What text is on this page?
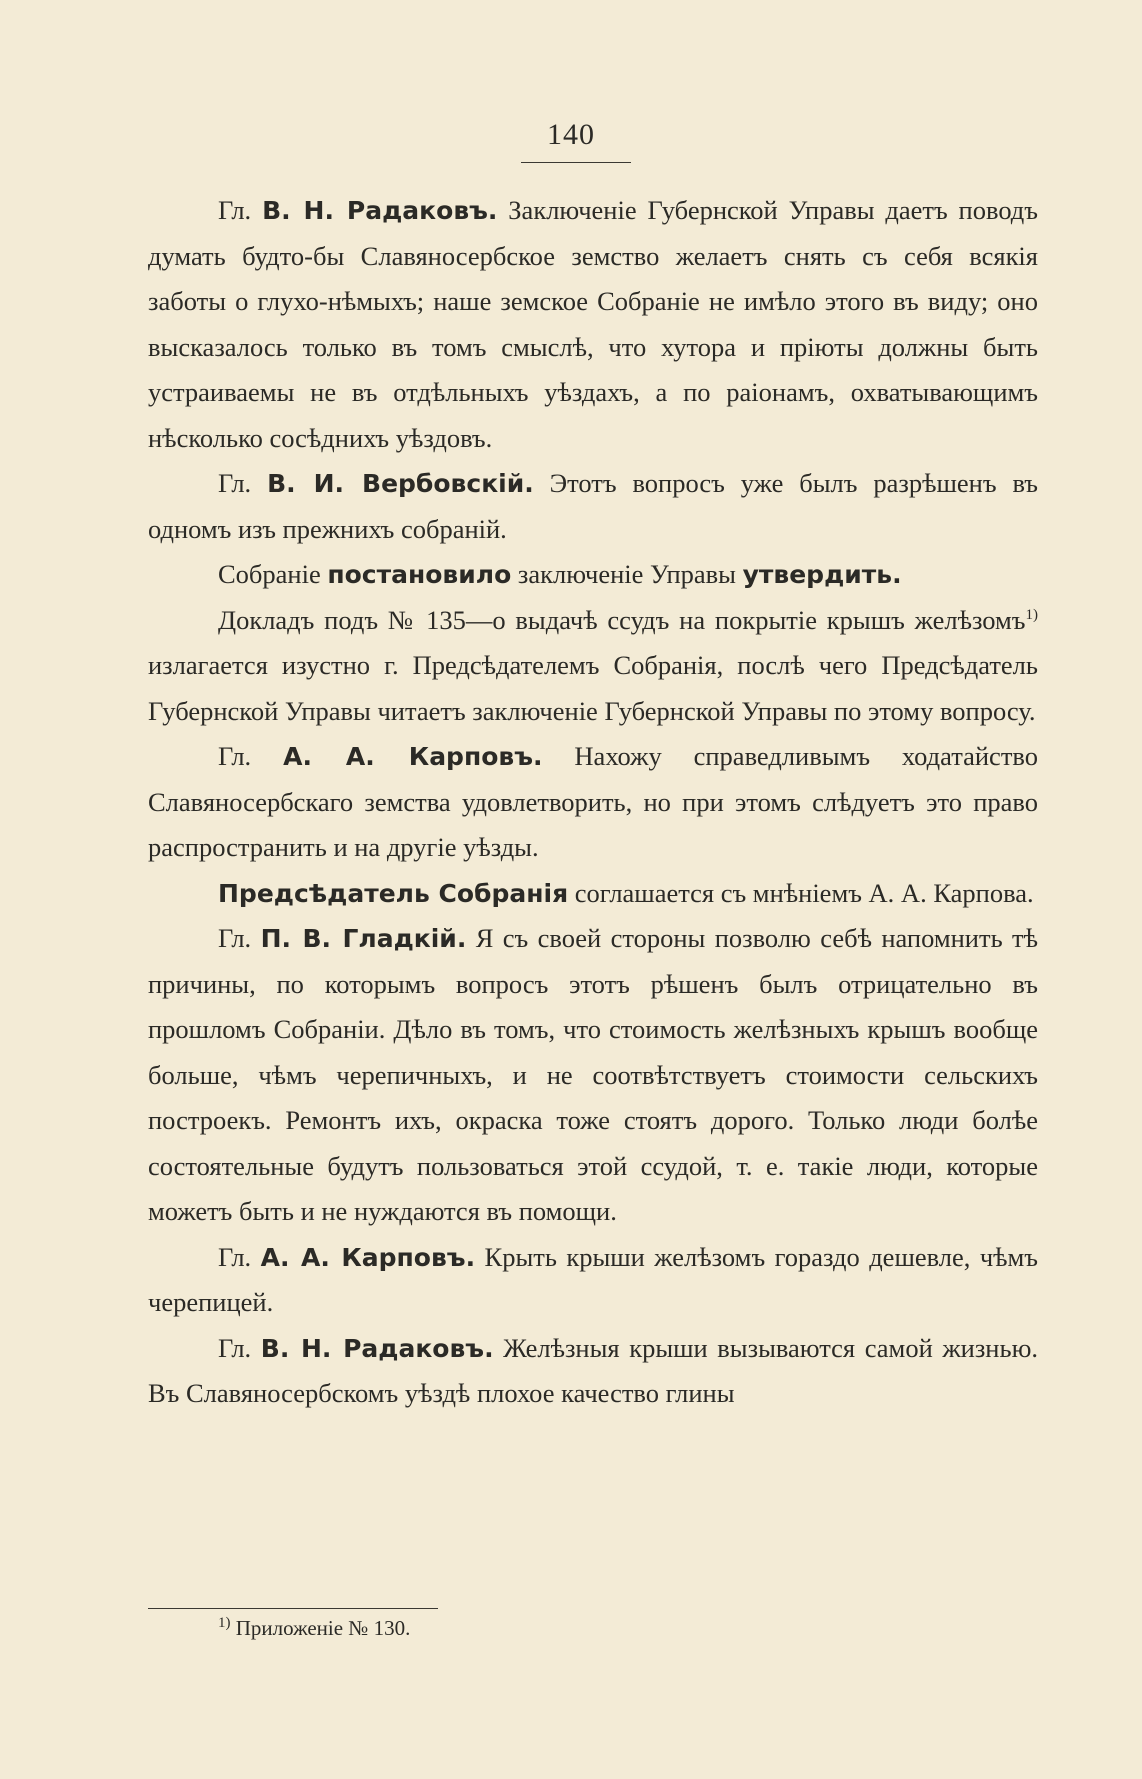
140

Гл. В. Н. Радаковъ. Заключеніе Губернской Управы даетъ поводъ думать будто-бы Славяносербское земство желаетъ снять съ себя всякія заботы о глухо-нѣмыхъ; наше земское Собраніе не имѣло этого въ виду; оно высказалось только въ томъ смыслѣ, что хутора и пріюты должны быть устраиваемы не въ отдѣльныхъ уѣздахъ, а по раіонамъ, охватывающимъ нѣсколько сосѣднихъ уѣздовъ.

Гл. В. И. Вербовскій. Этотъ вопросъ уже былъ разрѣшенъ въ одномъ изъ прежнихъ собраній.

Собраніе постановило заключеніе Управы утвердить.

Докладъ подъ № 135—о выдачѣ ссудъ на покрытіе крышъ желѣзомъ$^{1)}$ излагается изустно г. Предсѣдателемъ Собранія, послѣ чего Предсѣдатель Губернской Управы читаетъ заключеніе Губернской Управы по этому вопросу.

Гл. А. А. Карповъ. Нахожу справедливымъ ходатайство Славяносербскаго земства удовлетворить, но при этомъ слѣдуетъ это право распространить и на другіе уѣзды.

Предсѣдатель Собранія соглашается съ мнѣніемъ А. А. Карпова.

Гл. П. В. Гладкій. Я съ своей стороны позволю себѣ напомнить тѣ причины, по которымъ вопросъ этотъ рѣшенъ былъ отрицательно въ прошломъ Собраніи. Дѣло въ томъ, что стоимость желѣзныхъ крышъ вообще больше, чѣмъ черепичныхъ, и не соотвѣтствуетъ стоимости сельскихъ построекъ. Ремонтъ ихъ, окраска тоже стоятъ дорого. Только люди болѣе состоятельные будутъ пользоваться этой ссудой, т. е. такіе люди, которые можетъ быть и не нуждаются въ помощи.

Гл. А. А. Карповъ. Крыть крыши желѣзомъ гораздо дешевле, чѣмъ черепицей.

Гл. В. Н. Радаковъ. Желѣзныя крыши вызываются самой жизнью. Въ Славяносербскомъ уѣздѣ плохое качество глины

$^{1)}$ Приложеніе № 130.
